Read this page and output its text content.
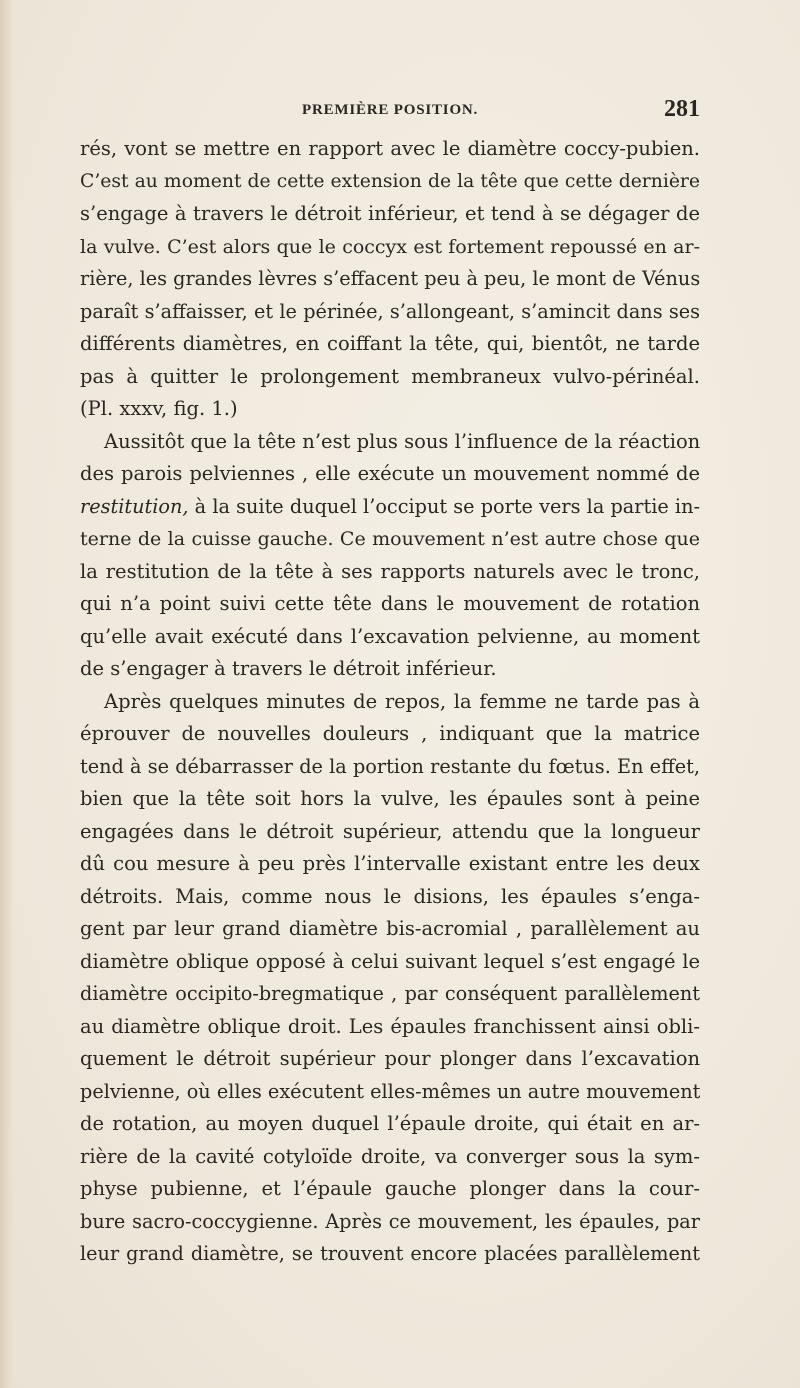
PREMIÈRE POSITION.	281
rés, vont se mettre en rapport avec le diamètre coccy-pubien.
C’est au moment de cette extension de la tête que cette dernière
s’engage à travers le détroit inférieur, et tend à se dégager de
la vulve. C’est alors que le coccyx est fortement repoussé en ar-
rière, les grandes lèvres s’effacent peu à peu, le mont de Vénus
paraît s’affaisser, et le périnée, s’allongeant, s’amincit dans ses
différents diamètres, en coiffant la tête, qui, bientôt, ne tarde
pas à quitter le prolongement membraneux vulvo-périnéal.
(Pl. xxxv, fig. 1.)
Aussitôt que la tête n’est plus sous l’influence de la réaction
des parois pelviennes , elle exécute un mouvement nommé de
restitution, à la suite duquel l’occiput se porte vers la partie in-
terne de la cuisse gauche. Ce mouvement n’est autre chose que
la restitution de la tête à ses rapports naturels avec le tronc,
qui n’a point suivi cette tête dans le mouvement de rotation
qu’elle avait exécuté dans l’excavation pelvienne, au moment
de s’engager à travers le détroit inférieur.
Après quelques minutes de repos, la femme ne tarde pas à
éprouver de nouvelles douleurs , indiquant que la matrice
tend à se débarrasser de la portion restante du fœtus. En effet,
bien que la tête soit hors la vulve, les épaules sont à peine
engagées dans le détroit supérieur, attendu que la longueur
dû cou mesure à peu près l’intervalle existant entre les deux
détroits. Mais, comme nous le disions, les épaules s’enga-
gent par leur grand diamètre bis-acromial , parallèlement au
diamètre oblique opposé à celui suivant lequel s’est engagé le
diamètre occipito-bregmatique , par conséquent parallèlement
au diamètre oblique droit. Les épaules franchissent ainsi obli-
quement le détroit supérieur pour plonger dans l’excavation
pelvienne, où elles exécutent elles-mêmes un autre mouvement
de rotation, au moyen duquel l’épaule droite, qui était en ar-
rière de la cavité cotyloïde droite, va converger sous la sym-
physe pubienne, et l’épaule gauche plonger dans la cour-
bure sacro-coccygienne. Après ce mouvement, les épaules, par
leur grand diamètre, se trouvent encore placées parallèlement
